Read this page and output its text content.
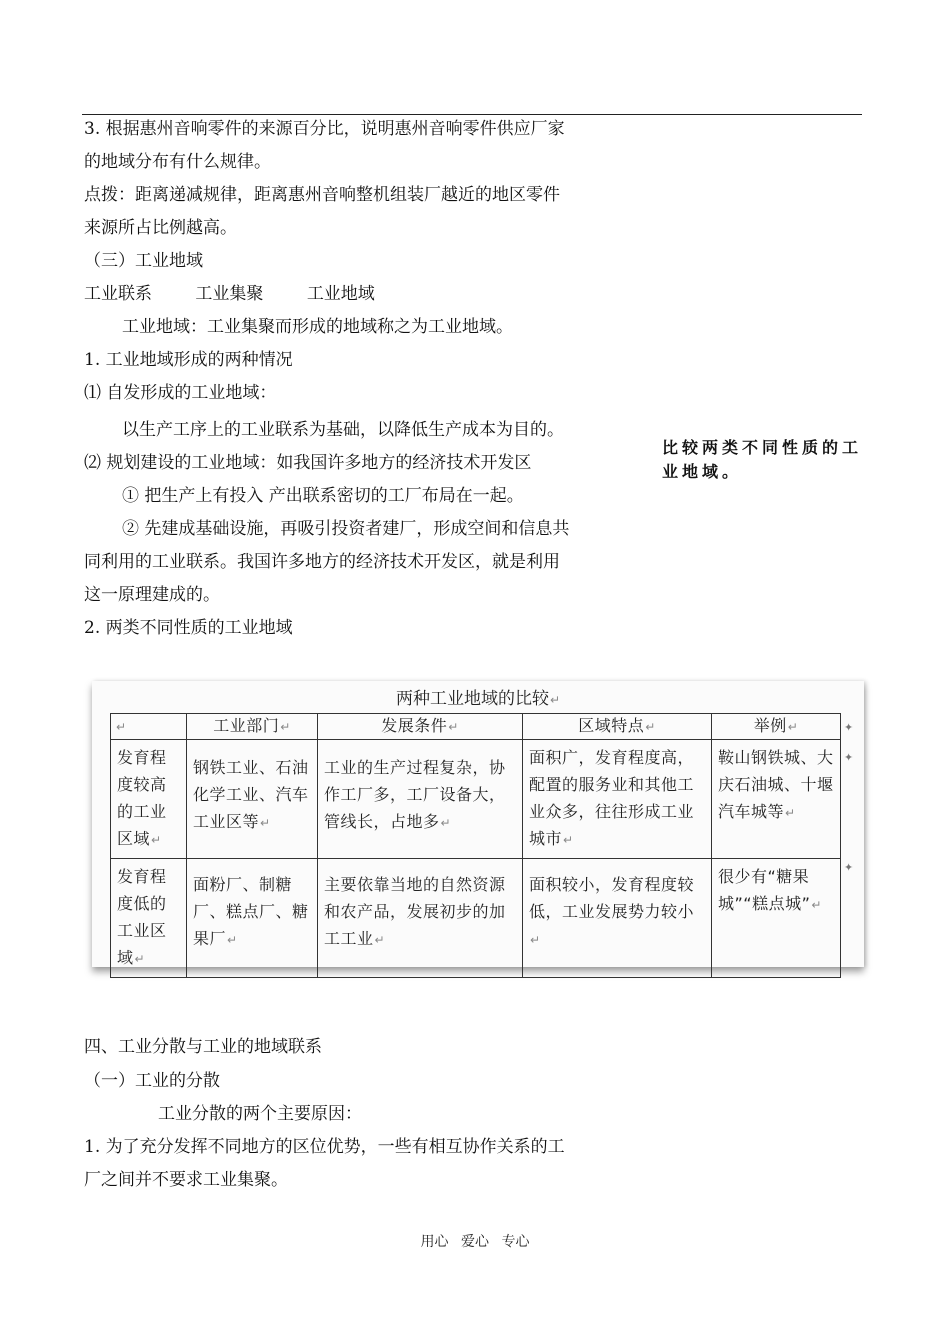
3. 根据惠州音响零件的来源百分比，说明惠州音响零件供应厂家
的地域分布有什么规律。
点拨：距离递减规律，距离惠州音响整机组装厂越近的地区零件
来源所占比例越高。
（三）工业地域
工业联系	工业集聚	工业地域
工业地域：工业集聚而形成的地域称之为工业地域。
1. 工业地域形成的两种情况
⑴ 自发形成的工业地域：
以生产工序上的工业联系为基础，以降低生产成本为目的。
⑵ 规划建设的工业地域：如我国许多地方的经济技术开发区
① 把生产上有投入 产出联系密切的工厂布局在一起。
② 先建成基础设施，再吸引投资者建厂，形成空间和信息共
同利用的工业联系。我国许多地方的经济技术开发区，就是利用
这一原理建成的。
2. 两类不同性质的工业地域
比较两类不同性质的工业地域。
两种工业地域的比较↵
↵	工业部门↵	发展条件↵	区域特点↵	举例↵
发育程度较高的工业区域↵	钢铁工业、石油化学工业、汽车工业区等↵	工业的生产过程复杂，协作工厂多，工厂设备大，管线长，占地多↵	面积广，发育程度高，配置的服务业和其他工业众多，往往形成工业城市↵	鞍山钢铁城、大庆石油城、十堰汽车城等↵
发育程度低的工业区域↵	面粉厂、制糖厂、糕点厂、糖果厂↵	主要依靠当地的自然资源和农产品，发展初步的加工工业↵	面积较小，发育程度较低，工业发展势力较小↵	很少有“糖果城”“糕点城”↵
✦
✦
✦
四、工业分散与工业的地域联系
（一）工业的分散
工业分散的两个主要原因：
1. 为了充分发挥不同地方的区位优势，一些有相互协作关系的工
厂之间并不要求工业集聚。
用心 爱心 专心
